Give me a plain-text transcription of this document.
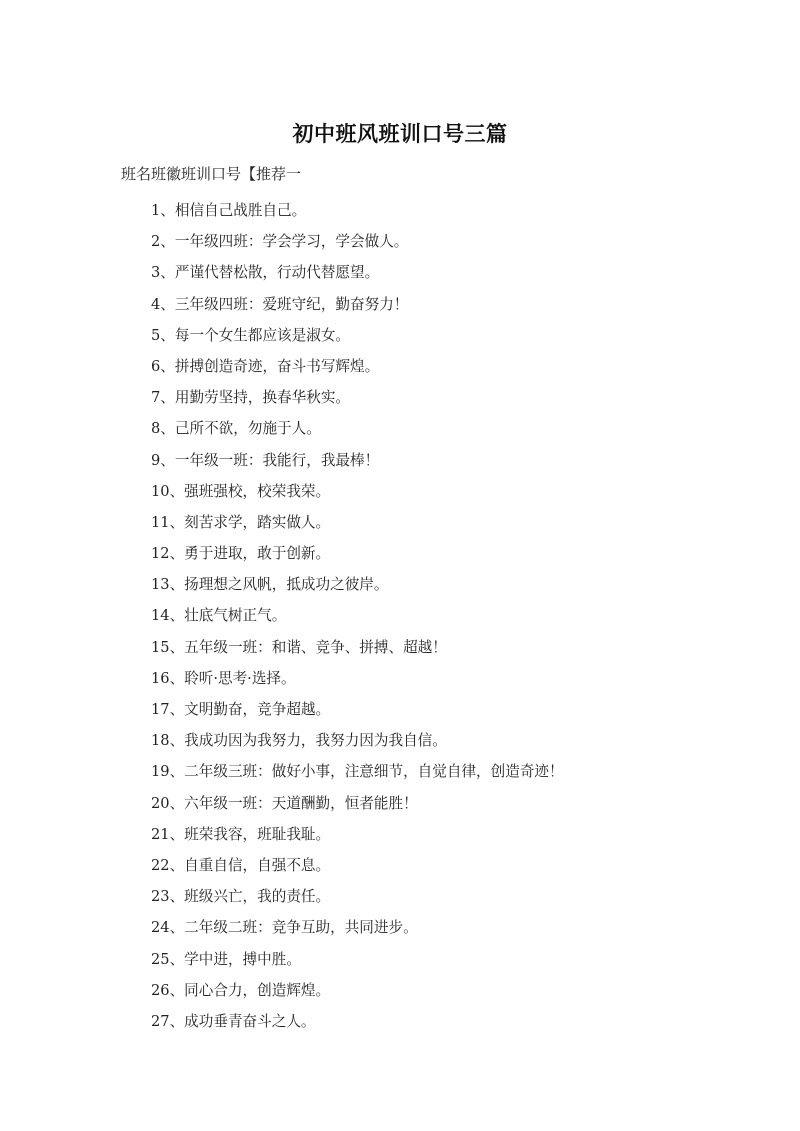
初中班风班训口号三篇
班名班徽班训口号【推荐一
1、相信自己战胜自己。
2、一年级四班：学会学习，学会做人。
3、严谨代替松散，行动代替愿望。
4、三年级四班：爱班守纪，勤奋努力！
5、每一个女生都应该是淑女。
6、拼搏创造奇迹，奋斗书写辉煌。
7、用勤劳坚持，换春华秋实。
8、己所不欲，勿施于人。
9、一年级一班：我能行，我最棒！
10、强班强校，校荣我荣。
11、刻苦求学，踏实做人。
12、勇于进取，敢于创新。
13、扬理想之风帆，抵成功之彼岸。
14、壮底气树正气。
15、五年级一班：和谐、竞争、拼搏、超越！
16、聆听·思考·选择。
17、文明勤奋，竞争超越。
18、我成功因为我努力，我努力因为我自信。
19、二年级三班：做好小事，注意细节，自觉自律，创造奇迹！
20、六年级一班：天道酬勤，恒者能胜！
21、班荣我容，班耻我耻。
22、自重自信，自强不息。
23、班级兴亡，我的责任。
24、二年级二班：竞争互助，共同进步。
25、学中进，搏中胜。
26、同心合力，创造辉煌。
27、成功垂青奋斗之人。
